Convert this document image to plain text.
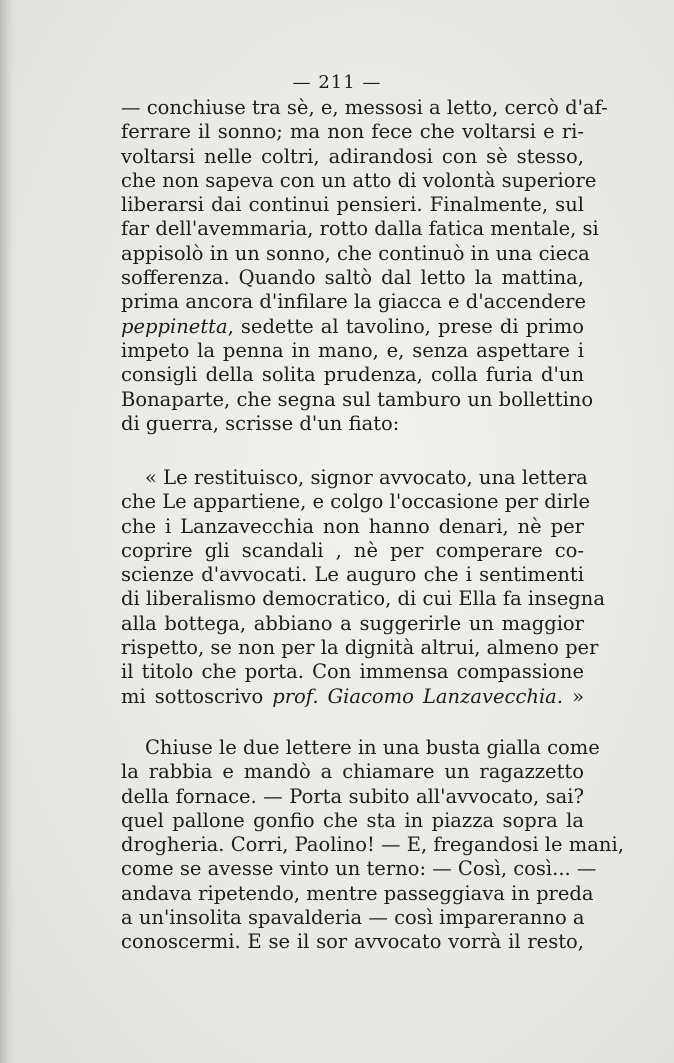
— 211 —
— conchiuse tra sè, e, messosi a letto, cercò d'af-
ferrare il sonno; ma non fece che voltarsi e ri-
voltarsi nelle coltri, adirandosi con sè stesso,
che non sapeva con un atto di volontà superiore
liberarsi dai continui pensieri. Finalmente, sul
far dell'avemmaria, rotto dalla fatica mentale, si
appisolò in un sonno, che continuò in una cieca
sofferenza. Quando saltò dal letto la mattina,
prima ancora d'infilare la giacca e d'accendere
peppinetta, sedette al tavolino, prese di primo
impeto la penna in mano, e, senza aspettare i
consigli della solita prudenza, colla furia d'un
Bonaparte, che segna sul tamburo un bollettino
di guerra, scrisse d'un fiato:
« Le restituisco, signor avvocato, una lettera
che Le appartiene, e colgo l'occasione per dirle
che i Lanzavecchia non hanno denari, nè per
coprire gli scandali , nè per comperare co-
scienze d'avvocati. Le auguro che i sentimenti
di liberalismo democratico, di cui Ella fa insegna
alla bottega, abbiano a suggerirle un maggior
rispetto, se non per la dignità altrui, almeno per
il titolo che porta. Con immensa compassione
mi sottoscrivo prof. Giacomo Lanzavecchia. »
Chiuse le due lettere in una busta gialla come
la rabbia e mandò a chiamare un ragazzetto
della fornace. — Porta subito all'avvocato, sai?
quel pallone gonfio che sta in piazza sopra la
drogheria. Corri, Paolino! — E, fregandosi le mani,
come se avesse vinto un terno: — Così, così... —
andava ripetendo, mentre passeggiava in preda
a un'insolita spavalderia — così impareranno a
conoscermi. E se il sor avvocato vorrà il resto,
